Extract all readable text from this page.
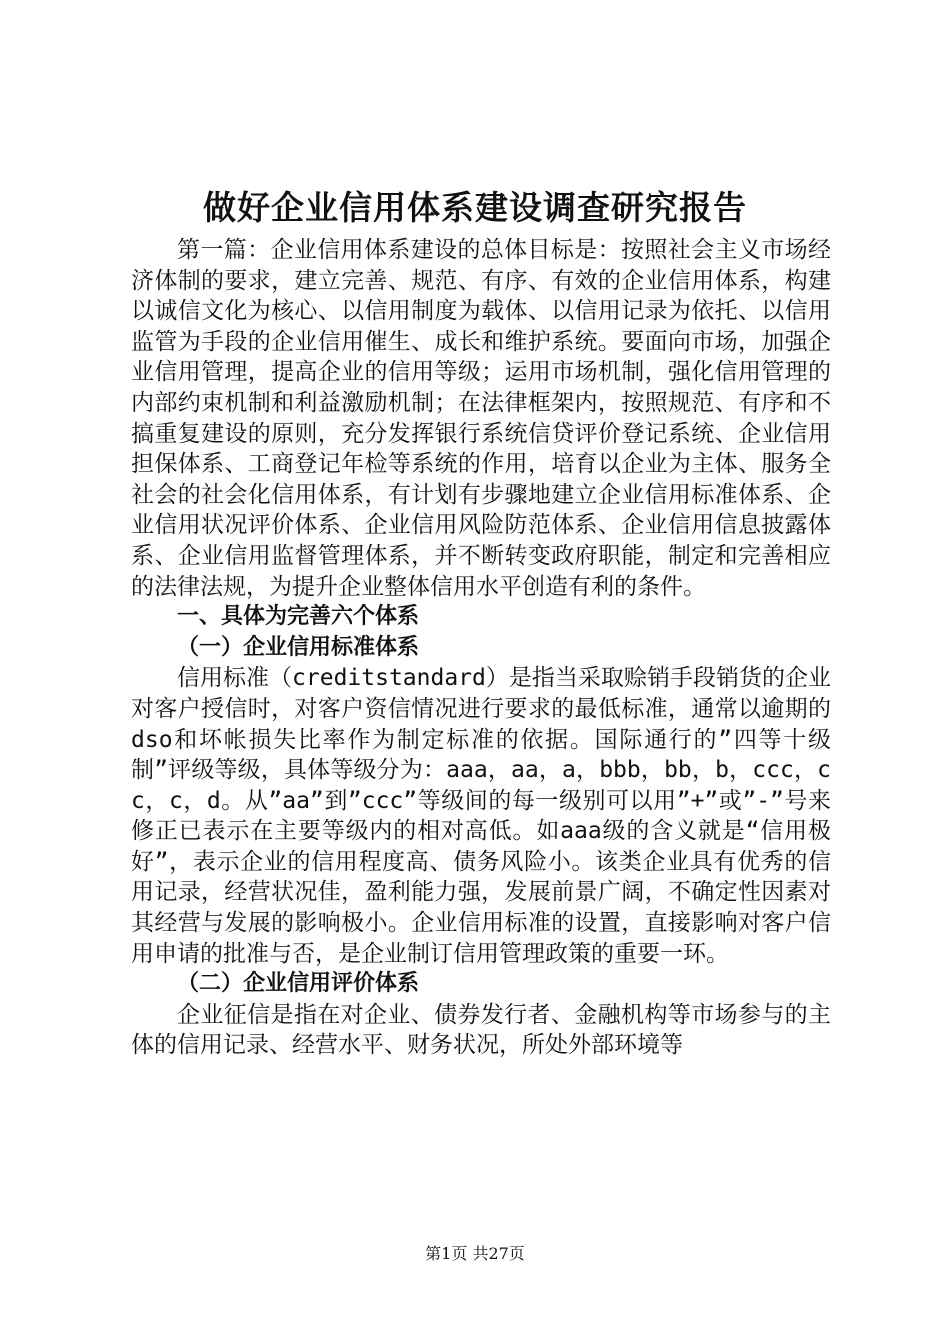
做好企业信用体系建设调查研究报告

第一篇：企业信用体系建设的总体目标是：按照社会主义市场经济体制的要求，建立完善、规范、有序、有效的企业信用体系，构建以诚信文化为核心、以信用制度为载体、以信用记录为依托、以信用监管为手段的企业信用催生、成长和维护系统。要面向市场，加强企业信用管理，提高企业的信用等级；运用市场机制，强化信用管理的内部约束机制和利益激励机制；在法律框架内，按照规范、有序和不搞重复建设的原则，充分发挥银行系统信贷评价登记系统、企业信用担保体系、工商登记年检等系统的作用，培育以企业为主体、服务全社会的社会化信用体系，有计划有步骤地建立企业信用标准体系、企业信用状况评价体系、企业信用风险防范体系、企业信用信息披露体系、企业信用监督管理体系，并不断转变政府职能，制定和完善相应的法律法规，为提升企业整体信用水平创造有利的条件。

一、具体为完善六个体系

（一）企业信用标准体系

信用标准（creditstandard）是指当采取赊销手段销货的企业对客户授信时，对客户资信情况进行要求的最低标准，通常以逾期的dso和坏帐损失比率作为制定标准的依据。国际通行的”四等十级制”评级等级，具体等级分为：aaa，aa，a，bbb，bb，b，ccc，cc，c，d。从”aa”到”ccc”等级间的每一级别可以用”+”或”-”号来修正已表示在主要等级内的相对高低。如aaa级的含义就是“信用极好”，表示企业的信用程度高、债务风险小。该类企业具有优秀的信用记录，经营状况佳，盈利能力强，发展前景广阔，不确定性因素对其经营与发展的影响极小。企业信用标准的设置，直接影响对客户信用申请的批准与否，是企业制订信用管理政策的重要一环。

（二）企业信用评价体系

企业征信是指在对企业、债券发行者、金融机构等市场参与的主体的信用记录、经营水平、财务状况，所处外部环境等

第1页 共27页
